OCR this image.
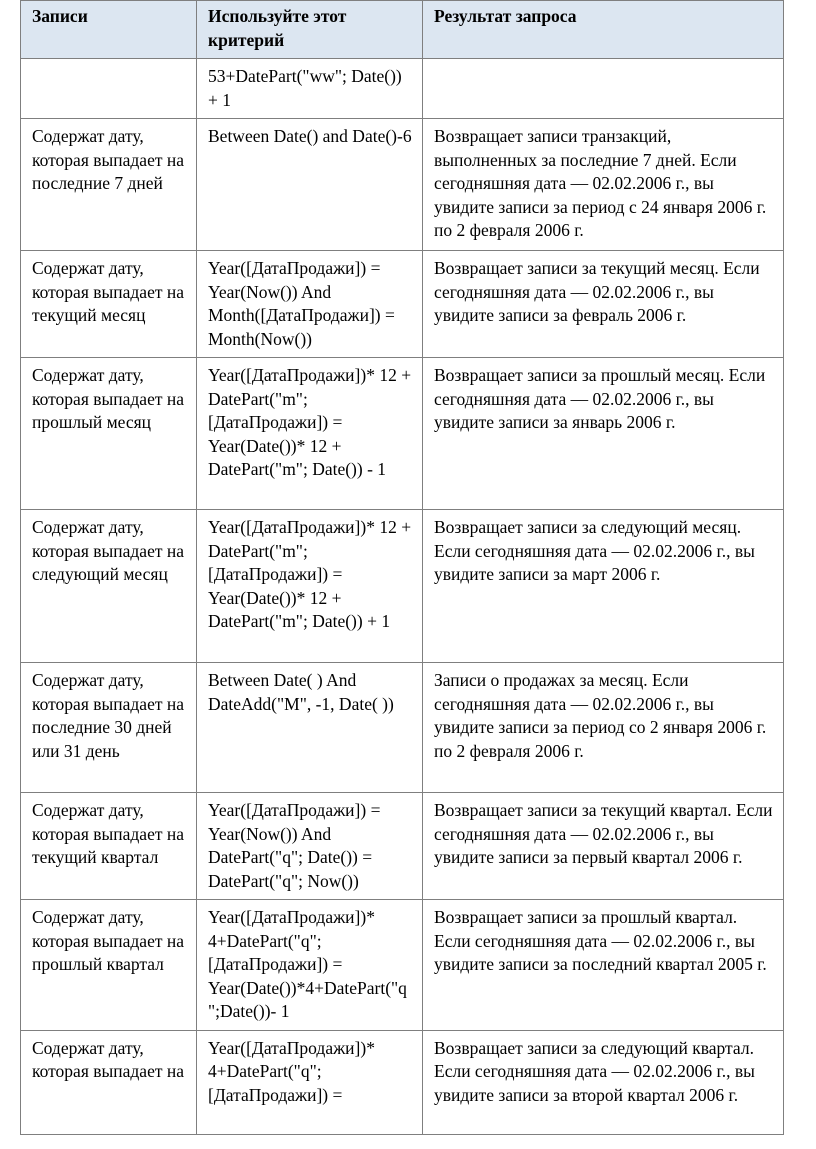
Записи	Используйте этот критерий	Результат запроса
	53+DatePart("ww"; Date()) + 1	
Содержат дату, которая выпадает на последние 7 дней	Between Date() and Date()-6	Возвращает записи транзакций, выполненных за последние 7 дней. Если сегодняшняя дата — 02.02.2006 г., вы увидите записи за период с 24 января 2006 г. по 2 февраля 2006 г.
Содержат дату, которая выпадает на текущий месяц	Year([ДатаПродажи]) = Year(Now()) And Month([ДатаПродажи]) = Month(Now())	Возвращает записи за текущий месяц. Если сегодняшняя дата — 02.02.2006 г., вы увидите записи за февраль 2006 г.
Содержат дату, которая выпадает на прошлый месяц	Year([ДатаПродажи])* 12 + DatePart("m"; [ДатаПродажи]) = Year(Date())* 12 + DatePart("m"; Date()) - 1	Возвращает записи за прошлый месяц. Если сегодняшняя дата — 02.02.2006 г., вы увидите записи за январь 2006 г.
Содержат дату, которая выпадает на следующий месяц	Year([ДатаПродажи])* 12 + DatePart("m"; [ДатаПродажи]) = Year(Date())* 12 + DatePart("m"; Date()) + 1	Возвращает записи за следующий месяц. Если сегодняшняя дата — 02.02.2006 г., вы увидите записи за март 2006 г.
Содержат дату, которая выпадает на последние 30 дней или 31 день	Between Date( ) And DateAdd("M", -1, Date( ))	Записи о продажах за месяц. Если сегодняшняя дата — 02.02.2006 г., вы увидите записи за период со 2 января 2006 г. по 2 февраля 2006 г.
Содержат дату, которая выпадает на текущий квартал	Year([ДатаПродажи]) = Year(Now()) And DatePart("q"; Date()) = DatePart("q"; Now())	Возвращает записи за текущий квартал. Если сегодняшняя дата — 02.02.2006 г., вы увидите записи за первый квартал 2006 г.
Содержат дату, которая выпадает на прошлый квартал	Year([ДатаПродажи])* 4+DatePart("q";[ДатаПродажи]) = Year(Date())*4+DatePart("q";Date())- 1	Возвращает записи за прошлый квартал. Если сегодняшняя дата — 02.02.2006 г., вы увидите записи за последний квартал 2005 г.
Содержат дату, которая выпадает на	Year([ДатаПродажи])* 4+DatePart("q";[ДатаПродажи]) =	Возвращает записи за следующий квартал. Если сегодняшняя дата — 02.02.2006 г., вы увидите записи за второй квартал 2006 г.
